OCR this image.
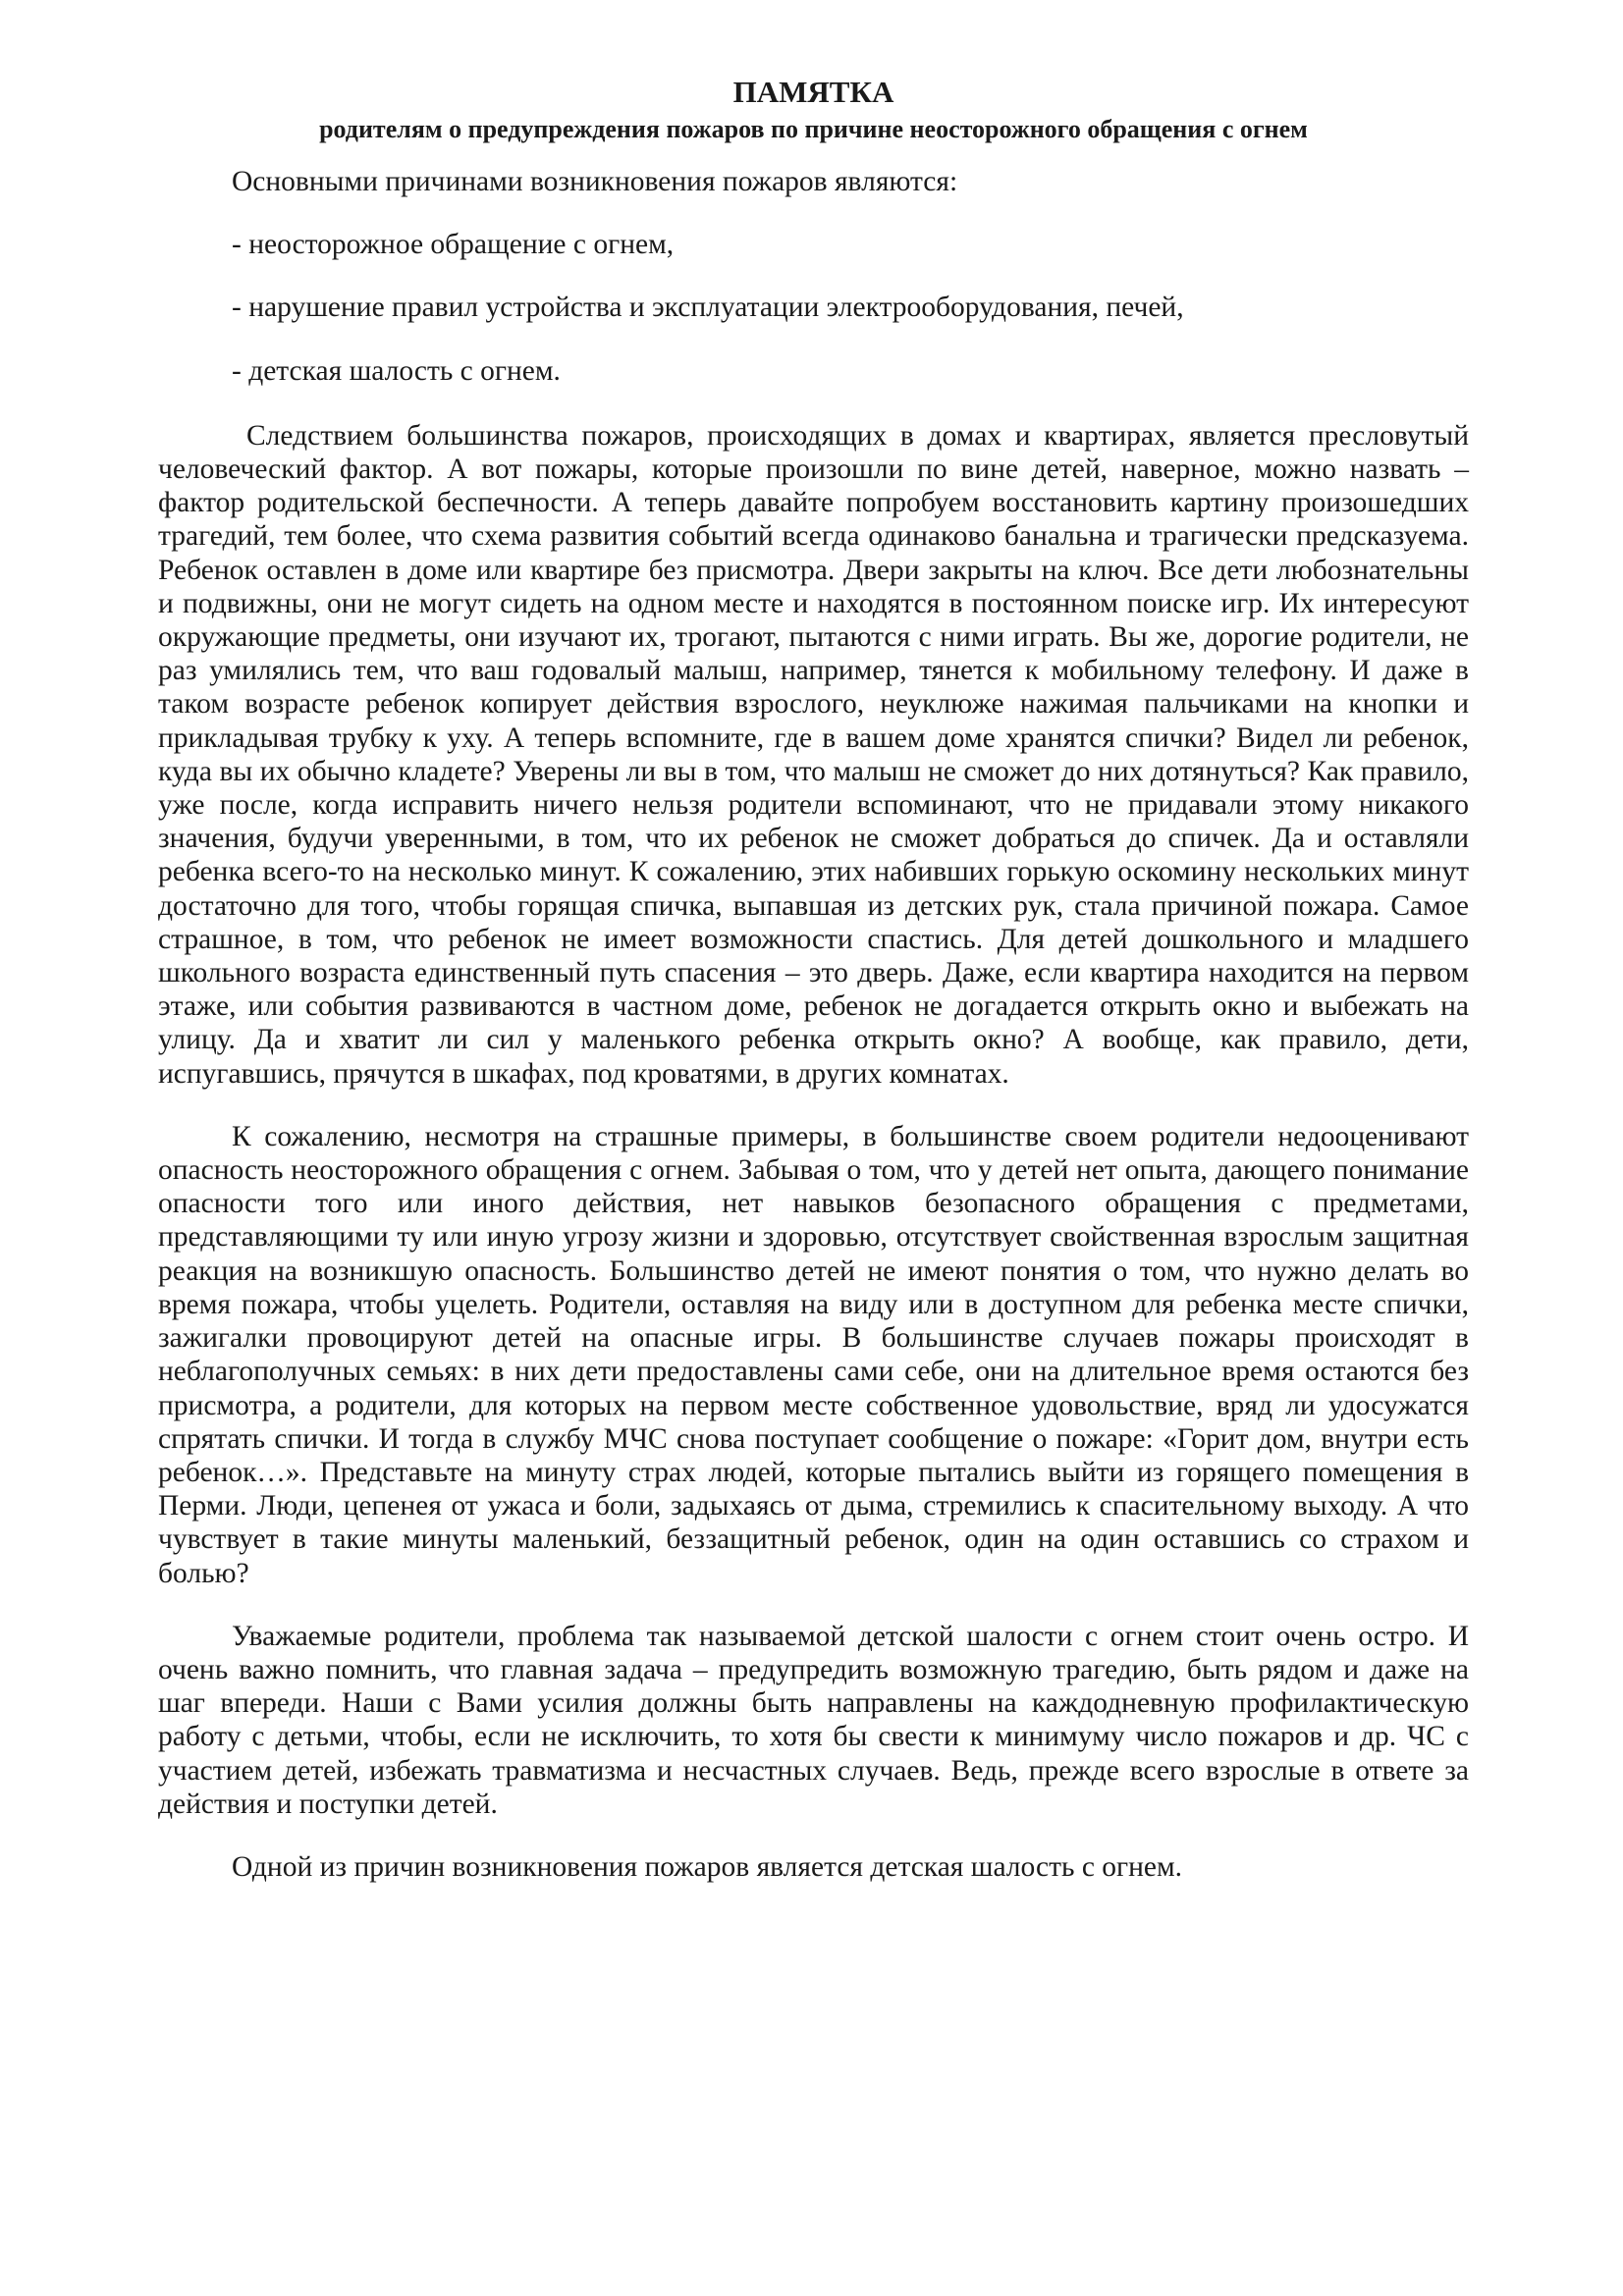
ПАМЯТКА
родителям о предупреждения пожаров по причине неосторожного обращения с огнем

Основными причинами возникновения пожаров являются:

- неосторожное обращение с огнем,

- нарушение правил устройства и эксплуатации электрооборудования, печей,

- детская шалость с огнем.

Следствием большинства пожаров, происходящих в домах и квартирах, является пресловутый человеческий фактор. А вот пожары, которые произошли по вине детей, наверное, можно назвать – фактор родительской беспечности. А теперь давайте попробуем восстановить картину произошедших трагедий, тем более, что схема развития событий всегда одинаково банальна и трагически предсказуема. Ребенок оставлен в доме или квартире без присмотра. Двери закрыты на ключ. Все дети любознательны и подвижны, они не могут сидеть на одном месте и находятся в постоянном поиске игр. Их интересуют окружающие предметы, они изучают их, трогают, пытаются с ними играть. Вы же, дорогие родители, не раз умилялись тем, что ваш годовалый малыш, например, тянется к мобильному телефону. И даже в таком возрасте ребенок копирует действия взрослого, неуклюже нажимая пальчиками на кнопки и прикладывая трубку к уху. А теперь вспомните, где в вашем доме хранятся спички? Видел ли ребенок, куда вы их обычно кладете? Уверены ли вы в том, что малыш не сможет до них дотянуться? Как правило, уже после, когда исправить ничего нельзя родители вспоминают, что не придавали этому никакого значения, будучи уверенными, в том, что их ребенок не сможет добраться до спичек. Да и оставляли ребенка всего-то на несколько минут. К сожалению, этих набивших горькую оскомину нескольких минут достаточно для того, чтобы горящая спичка, выпавшая из детских рук, стала причиной пожара. Самое страшное, в том, что ребенок не имеет возможности спастись. Для детей дошкольного и младшего школьного возраста единственный путь спасения – это дверь. Даже, если квартира находится на первом этаже, или события развиваются в частном доме, ребенок не догадается открыть окно и выбежать на улицу. Да и хватит ли сил у маленького ребенка открыть окно? А вообще, как правило, дети, испугавшись, прячутся в шкафах, под кроватями, в других комнатах.

К сожалению, несмотря на страшные примеры, в большинстве своем родители недооценивают опасность неосторожного обращения с огнем. Забывая о том, что у детей нет опыта, дающего понимание опасности того или иного действия, нет навыков безопасного обращения с предметами, представляющими ту или иную угрозу жизни и здоровью, отсутствует свойственная взрослым защитная реакция на возникшую опасность. Большинство детей не имеют понятия о том, что нужно делать во время пожара, чтобы уцелеть. Родители, оставляя на виду или в доступном для ребенка месте спички, зажигалки провоцируют детей на опасные игры. В большинстве случаев пожары происходят в неблагополучных семьях: в них дети предоставлены сами себе, они на длительное время остаются без присмотра, а родители, для которых на первом месте собственное удовольствие, вряд ли удосужатся спрятать спички. И тогда в службу МЧС снова поступает сообщение о пожаре: «Горит дом, внутри есть ребенок…». Представьте на минуту страх людей, которые пытались выйти из горящего помещения в Перми. Люди, цепенея от ужаса и боли, задыхаясь от дыма, стремились к спасительному выходу. А что чувствует в такие минуты маленький, беззащитный ребенок, один на один оставшись со страхом и болью?

Уважаемые родители, проблема так называемой детской шалости с огнем стоит очень остро. И очень важно помнить, что главная задача – предупредить возможную трагедию, быть рядом и даже на шаг впереди. Наши с Вами усилия должны быть направлены на каждодневную профилактическую работу с детьми, чтобы, если не исключить, то хотя бы свести к минимуму число пожаров и др. ЧС с участием детей, избежать травматизма и несчастных случаев. Ведь, прежде всего взрослые в ответе за действия и поступки детей.

Одной из причин возникновения пожаров является детская шалость с огнем.
